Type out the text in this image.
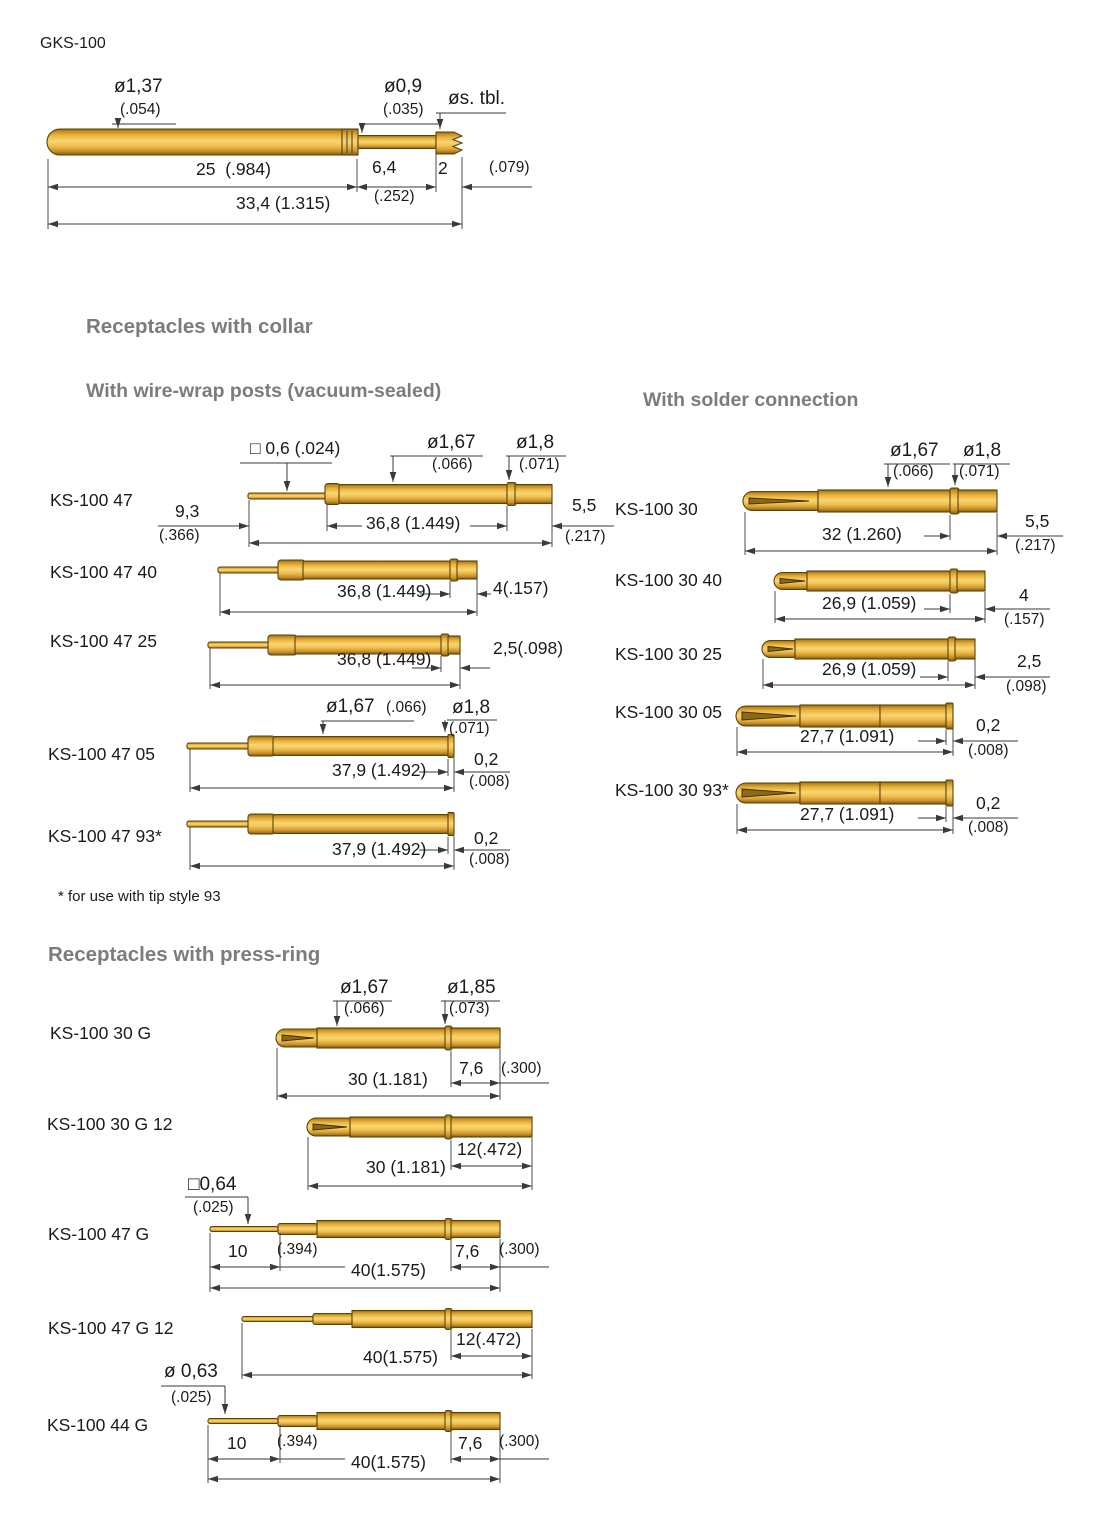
GKS-100
ø1,37
(.054)
ø0,9
(.035)
øs. tbl.
25  (.984)	6,4
(.252)
2	(.079)
33,4 (1.315)
Receptacles with collar
With wire-wrap posts (vacuum-sealed)	With solder connection
* for use with tip style 93
Receptacles with press-ring
KS-100 47
KS-100 47 40
KS-100 47 25
KS-100 47 05
KS-100 47 93*
KS-100 30
KS-100 30 40
KS-100 30 25
KS-100 30 05
KS-100 30 93*
KS-100 30 G
KS-100 30 G 12
KS-100 47 G
KS-100 47 G 12
KS-100 44 G
□ 0,6 (.024)	ø1,67
(.066)
ø1,8
(.071)
9,3
(.366)
36,8 (1.449)
5,5
(.217)
36,8 (1.449)	4(.157)
36,8 (1.449)
2,5(.098)
ø1,67 (.066) ø1,8
(.071)
37,9 (1.492)
0,2
(.008)
37,9 (1.492)
0,2
(.008)
ø1,67
(.066)
ø1,8
(.071)
32 (1.260)
5,5
(.217)
26,9 (1.059)	4
(.157)
26,9 (1.059)	2,5
(.098)
27,7 (1.091)
0,2
(.008)
27,7 (1.091)
0,2
(.008)
ø1,67
(.066)
ø1,85
(.073)
30 (1.181)
7,6 (.300)
30 (1.181)
12(.472)
□0,64
(.025)
10 (.394)
40(1.575)
7,6 (.300)
40(1.575)
12(.472)
ø 0,63
(.025)
10 (.394)
40(1.575)
7,6 (.300)
